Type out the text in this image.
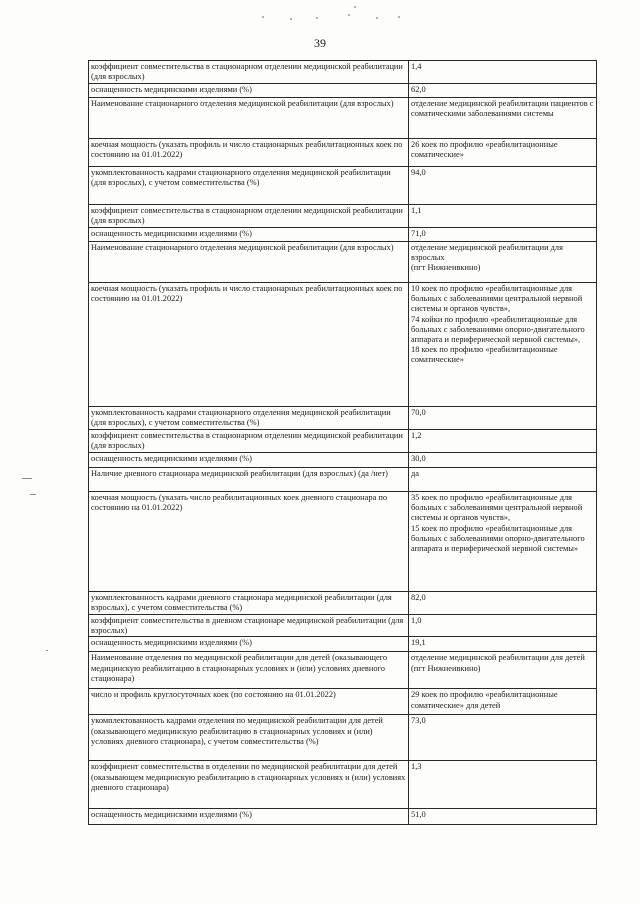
39
коэффициент совместительства в стационарном отделении медицинской реабилитации (для взрослых)	1,4
оснащенность медицинскими изделиями (%)	62,0
Наименование стационарного отделения медицинской реабилитации (для взрослых)	отделение медицинской реабилитации пациентов с соматическими заболеваниями системы
коечная мощность (указать профиль и число стационарных реабилитационных коек по состоянию на 01.01.2022)	26 коек по профилю «реабилитационные соматические»
укомплектованность кадрами стационарного отделения медицинской реабилитации (для взрослых), с учетом совместительства (%)	94,0
коэффициент совместительства в стационарном отделении медицинской реабилитации (для взрослых)	1,1
оснащенность медицинскими изделиями (%)	71,0
Наименование стационарного отделения медицинской реабилитации (для взрослых)	отделение медицинской реабилитации для взрослых
(пгт Нижнеивкино)
коечная мощность (указать профиль и число стационарных реабилитационных коек по состоянию на 01.01.2022)	10 коек по профилю «реабилитационные для больных с заболеваниями центральной нервной системы и органов чувств»,
74 койки по профилю «реабилитационные для больных с заболеваниями опорно-двигательного аппарата и периферической нервной системы»,
18 коек по профилю «реабилитационные соматические»
укомплектованность кадрами стационарного отделения медицинской реабилитации (для взрослых), с учетом совместительства (%)	70,0
коэффициент совместительства в стационарном отделении медицинской реабилитации (для взрослых)	1,2
оснащенность медицинскими изделиями (%)	30,0
Наличие дневного стационара медицинской реабилитации (для взрослых) (да /нет)	да
коечная мощность (указать число реабилитационных коек дневного стационара по состоянию на 01.01.2022)	35 коек по профилю «реабилитационные для больных с заболеваниями центральной нервной системы и органов чувств»,
15 коек по профилю «реабилитационные для больных с заболеваниями опорно-двигательного аппарата и периферической нервной системы»
укомплектованность кадрами дневного стационара медицинской реабилитации (для взрослых), с учетом совместительства (%)	82,0
коэффициент совместительства в дневном стационаре медицинской реабилитации (для взрослых)	1,0
оснащенность медицинскими изделиями (%)	19,1
Наименование отделения по медицинской реабилитации для детей (оказывающего медицинскую реабилитацию в стационарных условиях и (или) условиях дневного стационара)	отделение медицинской реабилитации для детей (пгт Нижнеивкино)
число и профиль круглосуточных коек (по состоянию на 01.01.2022)	29 коек по профилю «реабилитационные соматические» для детей
укомплектованность кадрами отделения по медицинской реабилитации для детей (оказывающего медицинскую реабилитацию в стационарных условиях и (или) условиях дневного стационара), с учетом совместительства (%)	73,0
коэффициент совместительства в отделении по медицинской реабилитации для детей (оказывающем медицинскую реабилитацию в стационарных условиях и (или) условиях дневного стационара)	1,3
оснащенность медицинскими изделиями (%)	51,0
